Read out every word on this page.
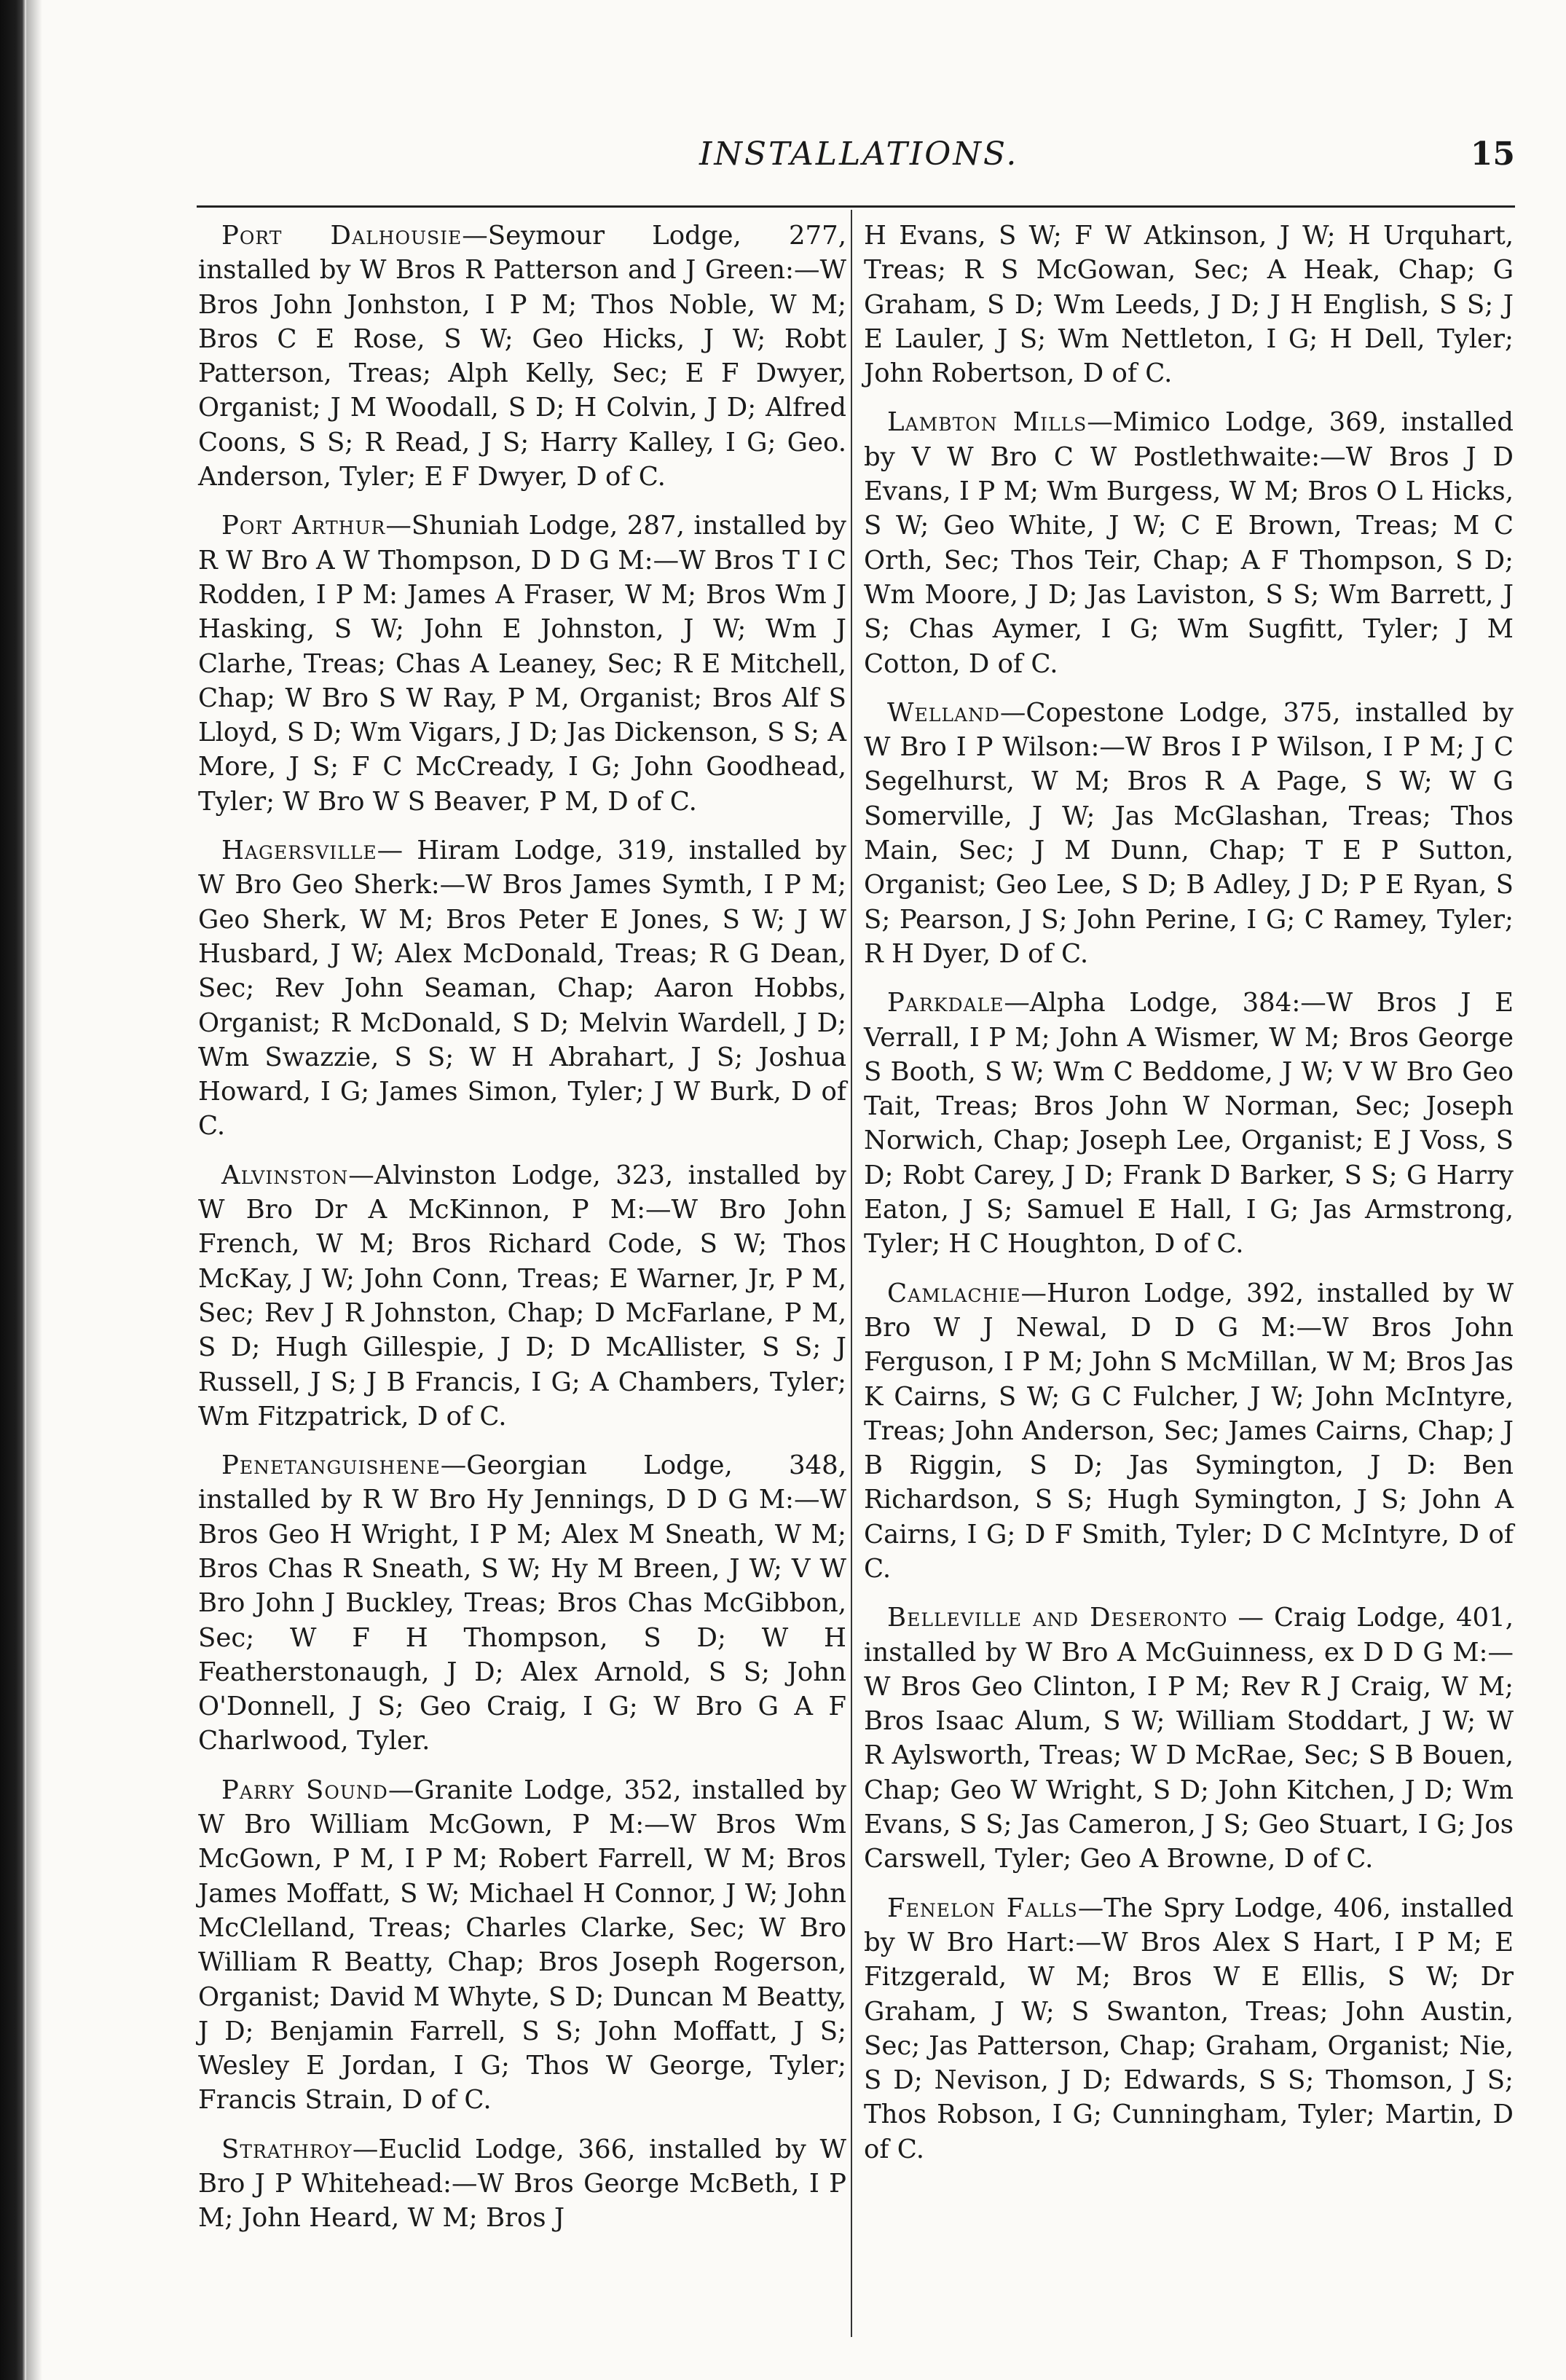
INSTALLATIONS.	15

Port Dalhousie—Seymour Lodge, 277, installed by W Bros R Patterson and J Green:—W Bros John Jonhston, I P M; Thos Noble, W M; Bros C E Rose, S W; Geo Hicks, J W; Robt Patterson, Treas; Alph Kelly, Sec; E F Dwyer, Organist; J M Woodall, S D; H Colvin, J D; Alfred Coons, S S; R Read, J S; Harry Kalley, I G; Geo. Anderson, Tyler; E F Dwyer, D of C.

Port Arthur—Shuniah Lodge, 287, installed by R W Bro A W Thompson, D D G M:—W Bros T I C Rodden, I P M: James A Fraser, W M; Bros Wm J Hasking, S W; John E Johnston, J W; Wm J Clarhe, Treas; Chas A Leaney, Sec; R E Mitchell, Chap; W Bro S W Ray, P M, Organist; Bros Alf S Lloyd, S D; Wm Vigars, J D; Jas Dickenson, S S; A More, J S; F C McCready, I G; John Goodhead, Tyler; W Bro W S Beaver, P M, D of C.

Hagersville— Hiram Lodge, 319, installed by W Bro Geo Sherk:—W Bros James Symth, I P M; Geo Sherk, W M; Bros Peter E Jones, S W; J W Husbard, J W; Alex McDonald, Treas; R G Dean, Sec; Rev John Seaman, Chap; Aaron Hobbs, Organist; R McDonald, S D; Melvin Wardell, J D; Wm Swazzie, S S; W H Abrahart, J S; Joshua Howard, I G; James Simon, Tyler; J W Burk, D of C.

Alvinston—Alvinston Lodge, 323, installed by W Bro Dr A McKinnon, P M:—W Bro John French, W M; Bros Richard Code, S W; Thos McKay, J W; John Conn, Treas; E Warner, Jr, P M, Sec; Rev J R Johnston, Chap; D McFarlane, P M, S D; Hugh Gillespie, J D; D McAllister, S S; J Russell, J S; J B Francis, I G; A Chambers, Tyler; Wm Fitzpatrick, D of C.

Penetanguishene—Georgian Lodge, 348, installed by R W Bro Hy Jennings, D D G M:—W Bros Geo H Wright, I P M; Alex M Sneath, W M; Bros Chas R Sneath, S W; Hy M Breen, J W; V W Bro John J Buckley, Treas; Bros Chas McGibbon, Sec; W F H Thompson, S D; W H Featherstonaugh, J D; Alex Arnold, S S; John O'Donnell, J S; Geo Craig, I G; W Bro G A F Charlwood, Tyler.

Parry Sound—Granite Lodge, 352, installed by W Bro William McGown, P M:—W Bros Wm McGown, P M, I P M; Robert Farrell, W M; Bros James Moffatt, S W; Michael H Connor, J W; John McClelland, Treas; Charles Clarke, Sec; W Bro William R Beatty, Chap; Bros Joseph Rogerson, Organist; David M Whyte, S D; Duncan M Beatty, J D; Benjamin Farrell, S S; John Moffatt, J S; Wesley E Jordan, I G; Thos W George, Tyler; Francis Strain, D of C.

Strathroy—Euclid Lodge, 366, installed by W Bro J P Whitehead:—W Bros George McBeth, I P M; John Heard, W M; Bros J

H Evans, S W; F W Atkinson, J W; H Urquhart, Treas; R S McGowan, Sec; A Heak, Chap; G Graham, S D; Wm Leeds, J D; J H English, S S; J E Lauler, J S; Wm Nettleton, I G; H Dell, Tyler; John Robertson, D of C.

Lambton Mills—Mimico Lodge, 369, installed by V W Bro C W Postlethwaite:—W Bros J D Evans, I P M; Wm Burgess, W M; Bros O L Hicks, S W; Geo White, J W; C E Brown, Treas; M C Orth, Sec; Thos Teir, Chap; A F Thompson, S D; Wm Moore, J D; Jas Laviston, S S; Wm Barrett, J S; Chas Aymer, I G; Wm Sugfitt, Tyler; J M Cotton, D of C.

Welland—Copestone Lodge, 375, installed by W Bro I P Wilson:—W Bros I P Wilson, I P M; J C Segelhurst, W M; Bros R A Page, S W; W G Somerville, J W; Jas McGlashan, Treas; Thos Main, Sec; J M Dunn, Chap; T E P Sutton, Organist; Geo Lee, S D; B Adley, J D; P E Ryan, S S; Pearson, J S; John Perine, I G; C Ramey, Tyler; R H Dyer, D of C.

Parkdale—Alpha Lodge, 384:—W Bros J E Verrall, I P M; John A Wismer, W M; Bros George S Booth, S W; Wm C Beddome, J W; V W Bro Geo Tait, Treas; Bros John W Norman, Sec; Joseph Norwich, Chap; Joseph Lee, Organist; E J Voss, S D; Robt Carey, J D; Frank D Barker, S S; G Harry Eaton, J S; Samuel E Hall, I G; Jas Armstrong, Tyler; H C Houghton, D of C.

Camlachie—Huron Lodge, 392, installed by W Bro W J Newal, D D G M:—W Bros John Ferguson, I P M; John S McMillan, W M; Bros Jas K Cairns, S W; G C Fulcher, J W; John McIntyre, Treas; John Anderson, Sec; James Cairns, Chap; J B Riggin, S D; Jas Symington, J D: Ben Richardson, S S; Hugh Symington, J S; John A Cairns, I G; D F Smith, Tyler; D C McIntyre, D of C.

Belleville and Deseronto — Craig Lodge, 401, installed by W Bro A McGuinness, ex D D G M:—W Bros Geo Clinton, I P M; Rev R J Craig, W M; Bros Isaac Alum, S W; William Stoddart, J W; W R Aylsworth, Treas; W D McRae, Sec; S B Bouen, Chap; Geo W Wright, S D; John Kitchen, J D; Wm Evans, S S; Jas Cameron, J S; Geo Stuart, I G; Jos Carswell, Tyler; Geo A Browne, D of C.

Fenelon Falls—The Spry Lodge, 406, installed by W Bro Hart:—W Bros Alex S Hart, I P M; E Fitzgerald, W M; Bros W E Ellis, S W; Dr Graham, J W; S Swanton, Treas; John Austin, Sec; Jas Patterson, Chap; Graham, Organist; Nie, S D; Nevison, J D; Edwards, S S; Thomson, J S; Thos Robson, I G; Cunningham, Tyler; Martin, D of C.
